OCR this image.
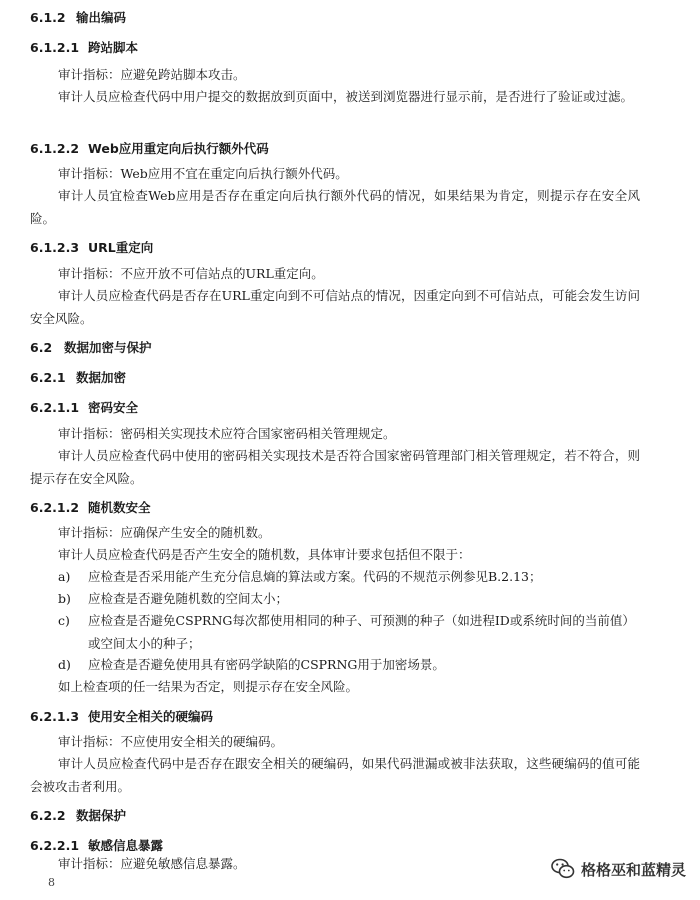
6.1.2 输出编码
6.1.2.1 跨站脚本
审计指标：应避免跨站脚本攻击。
审计人员应检查代码中用户提交的数据放到页面中，被送到浏览器进行显示前，是否进行了验证或过滤。
6.1.2.2 Web应用重定向后执行额外代码
审计指标：Web应用不宜在重定向后执行额外代码。
审计人员宜检查Web应用是否存在重定向后执行额外代码的情况，如果结果为肯定，则提示存在安全风险。
6.1.2.3 URL重定向
审计指标：不应开放不可信站点的URL重定向。
审计人员应检查代码是否存在URL重定向到不可信站点的情况，因重定向到不可信站点，可能会发生访问安全风险。
6.2 数据加密与保护
6.2.1 数据加密
6.2.1.1 密码安全
审计指标：密码相关实现技术应符合国家密码相关管理规定。
审计人员应检查代码中使用的密码相关实现技术是否符合国家密码管理部门相关管理规定，若不符合，则提示存在安全风险。
6.2.1.2 随机数安全
审计指标：应确保产生安全的随机数。
审计人员应检查代码是否产生安全的随机数，具体审计要求包括但不限于：
a)	应检查是否采用能产生充分信息熵的算法或方案。代码的不规范示例参见B.2.13；
b)	应检查是否避免随机数的空间太小；
c)	应检查是否避免CSPRNG每次都使用相同的种子、可预测的种子（如进程ID或系统时间的当前值）或空间太小的种子；
d)	应检查是否避免使用具有密码学缺陷的CSPRNG用于加密场景。
如上检查项的任一结果为否定，则提示存在安全风险。
6.2.1.3 使用安全相关的硬编码
审计指标：不应使用安全相关的硬编码。
审计人员应检查代码中是否存在跟安全相关的硬编码，如果代码泄漏或被非法获取，这些硬编码的值可能会被攻击者利用。
6.2.2 数据保护
6.2.2.1 敏感信息暴露
审计指标：应避免敏感信息暴露。
8
格格巫和蓝精灵
